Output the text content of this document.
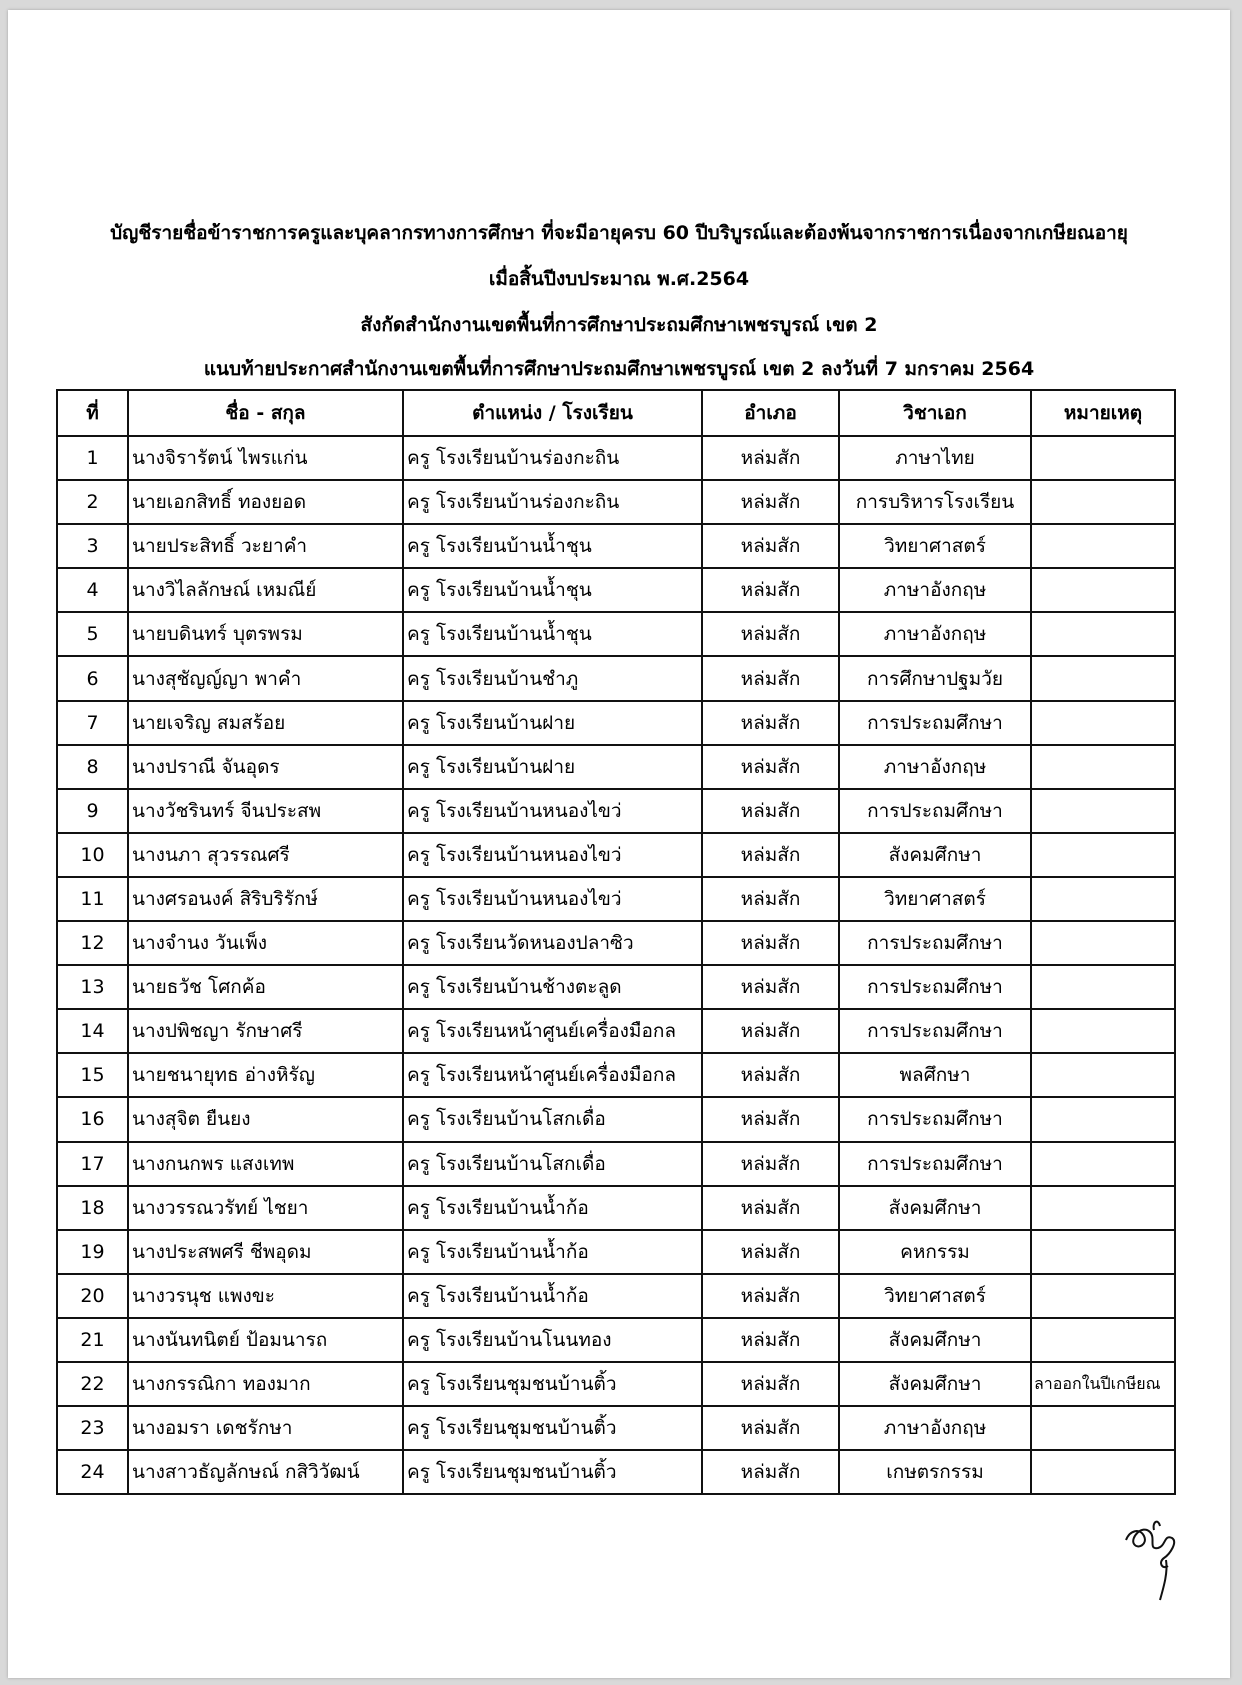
บัญชีรายชื่อข้าราชการครูและบุคลากรทางการศึกษา ที่จะมีอายุครบ 60 ปีบริบูรณ์และต้องพ้นจากราชการเนื่องจากเกษียณอายุ
เมื่อสิ้นปีงบประมาณ พ.ศ.2564
สังกัดสำนักงานเขตพื้นที่การศึกษาประถมศึกษาเพชรบูรณ์ เขต 2
แนบท้ายประกาศสำนักงานเขตพื้นที่การศึกษาประถมศึกษาเพชรบูรณ์ เขต 2 ลงวันที่ 7 มกราคม 2564
ที่	ชื่อ - สกุล	ตำแหน่ง / โรงเรียน	อำเภอ	วิชาเอก	หมายเหตุ
1	นางจิรารัตน์ ไพรแก่น	ครู โรงเรียนบ้านร่องกะถิน	หล่มสัก	ภาษาไทย	
2	นายเอกสิทธิ์ ทองยอด	ครู โรงเรียนบ้านร่องกะถิน	หล่มสัก	การบริหารโรงเรียน	
3	นายประสิทธิ์ วะยาคำ	ครู โรงเรียนบ้านน้ำชุน	หล่มสัก	วิทยาศาสตร์	
4	นางวิไลลักษณ์ เหมณีย์	ครู โรงเรียนบ้านน้ำชุน	หล่มสัก	ภาษาอังกฤษ	
5	นายบดินทร์ บุตรพรม	ครู โรงเรียนบ้านน้ำชุน	หล่มสัก	ภาษาอังกฤษ	
6	นางสุชัญญ์ญา พาคำ	ครู โรงเรียนบ้านชำภู	หล่มสัก	การศึกษาปฐมวัย	
7	นายเจริญ สมสร้อย	ครู โรงเรียนบ้านฝาย	หล่มสัก	การประถมศึกษา	
8	นางปราณี จันอุดร	ครู โรงเรียนบ้านฝาย	หล่มสัก	ภาษาอังกฤษ	
9	นางวัชรินทร์ จีนประสพ	ครู โรงเรียนบ้านหนองไขว่	หล่มสัก	การประถมศึกษา	
10	นางนภา สุวรรณศรี	ครู โรงเรียนบ้านหนองไขว่	หล่มสัก	สังคมศึกษา	
11	นางศรอนงค์ สิริบริรักษ์	ครู โรงเรียนบ้านหนองไขว่	หล่มสัก	วิทยาศาสตร์	
12	นางจำนง วันเพ็ง	ครู โรงเรียนวัดหนองปลาซิว	หล่มสัก	การประถมศึกษา	
13	นายธวัช โศกค้อ	ครู โรงเรียนบ้านช้างตะลูด	หล่มสัก	การประถมศึกษา	
14	นางปพิชญา รักษาศรี	ครู โรงเรียนหน้าศูนย์เครื่องมือกล	หล่มสัก	การประถมศึกษา	
15	นายชนายุทธ อ่างหิรัญ	ครู โรงเรียนหน้าศูนย์เครื่องมือกล	หล่มสัก	พลศึกษา	
16	นางสุจิต ยืนยง	ครู โรงเรียนบ้านโสกเดื่อ	หล่มสัก	การประถมศึกษา	
17	นางกนกพร แสงเทพ	ครู โรงเรียนบ้านโสกเดื่อ	หล่มสัก	การประถมศึกษา	
18	นางวรรณวรัทย์ ไชยา	ครู โรงเรียนบ้านน้ำก้อ	หล่มสัก	สังคมศึกษา	
19	นางประสพศรี ชีพอุดม	ครู โรงเรียนบ้านน้ำก้อ	หล่มสัก	คหกรรม	
20	นางวรนุช แพงขะ	ครู โรงเรียนบ้านน้ำก้อ	หล่มสัก	วิทยาศาสตร์	
21	นางนันทนิตย์ ป้อมนารถ	ครู โรงเรียนบ้านโนนทอง	หล่มสัก	สังคมศึกษา	
22	นางกรรณิกา ทองมาก	ครู โรงเรียนชุมชนบ้านติ้ว	หล่มสัก	สังคมศึกษา	ลาออกในปีเกษียณ
23	นางอมรา เดชรักษา	ครู โรงเรียนชุมชนบ้านติ้ว	หล่มสัก	ภาษาอังกฤษ	
24	นางสาวธัญลักษณ์ กสิวิวัฒน์	ครู โรงเรียนชุมชนบ้านติ้ว	หล่มสัก	เกษตรกรรม	
